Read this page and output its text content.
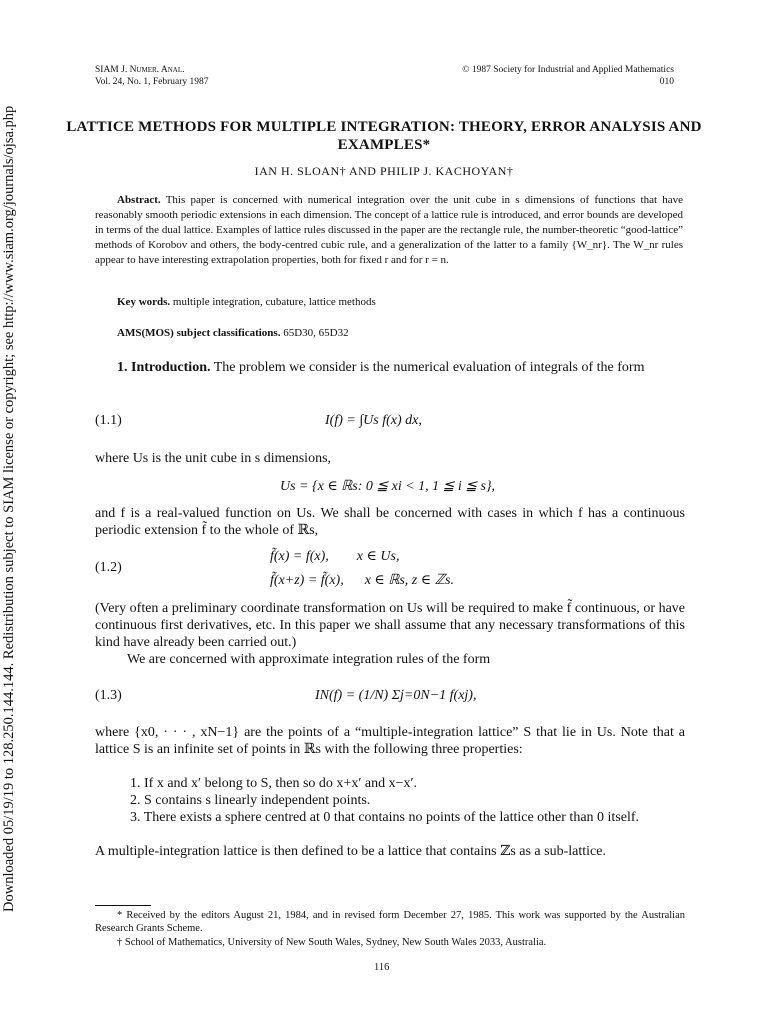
Downloaded 05/19/19 to 128.250.144.144. Redistribution subject to SIAM license or copyright; see http://www.siam.org/journals/ojsa.php
SIAM J. Numer. Anal.
Vol. 24, No. 1, February 1987
© 1987 Society for Industrial and Applied Mathematics
010
LATTICE METHODS FOR MULTIPLE INTEGRATION: THEORY, ERROR ANALYSIS AND EXAMPLES*
IAN H. SLOAN† AND PHILIP J. KACHOYAN†
Abstract. This paper is concerned with numerical integration over the unit cube in s dimensions of functions that have reasonably smooth periodic extensions in each dimension. The concept of a lattice rule is introduced, and error bounds are developed in terms of the dual lattice. Examples of lattice rules discussed in the paper are the rectangle rule, the number-theoretic “good-lattice” methods of Korobov and others, the body-centred cubic rule, and a generalization of the latter to a family {W_nr}. The W_nr rules appear to have interesting extrapolation properties, both for fixed r and for r = n.
Key words. multiple integration, cubature, lattice methods
AMS(MOS) subject classifications. 65D30, 65D32
1. Introduction. The problem we consider is the numerical evaluation of integrals of the form
(1.1)	I(f) = ∫Us f(x) dx,
where Us is the unit cube in s dimensions,
Us = {x ∈ ℝs: 0 ≦ xi < 1, 1 ≦ i ≦ s},
and f is a real-valued function on Us. We shall be concerned with cases in which f has a continuous periodic extension f̃ to the whole of ℝs,
(1.2)
f̃(x) = f(x),        x ∈ Us,
f̃(x+z) = f̃(x),      x ∈ ℝs, z ∈ ℤs.
(Very often a preliminary coordinate transformation on Us will be required to make f̃ continuous, or have continuous first derivatives, etc. In this paper we shall assume that any necessary transformations of this kind have already been carried out.)
We are concerned with approximate integration rules of the form
(1.3)	IN(f) = (1/N) Σj=0N−1 f(xj),
where {x0, · · · , xN−1} are the points of a “multiple-integration lattice” S that lie in Us. Note that a lattice S is an infinite set of points in ℝs with the following three properties:
1. If x and x′ belong to S, then so do x+x′ and x−x′.
2. S contains s linearly independent points.
3. There exists a sphere centred at 0 that contains no points of the lattice other than 0 itself.
A multiple-integration lattice is then defined to be a lattice that contains ℤs as a sub-lattice.
* Received by the editors August 21, 1984, and in revised form December 27, 1985. This work was supported by the Australian Research Grants Scheme.
† School of Mathematics, University of New South Wales, Sydney, New South Wales 2033, Australia.
116
